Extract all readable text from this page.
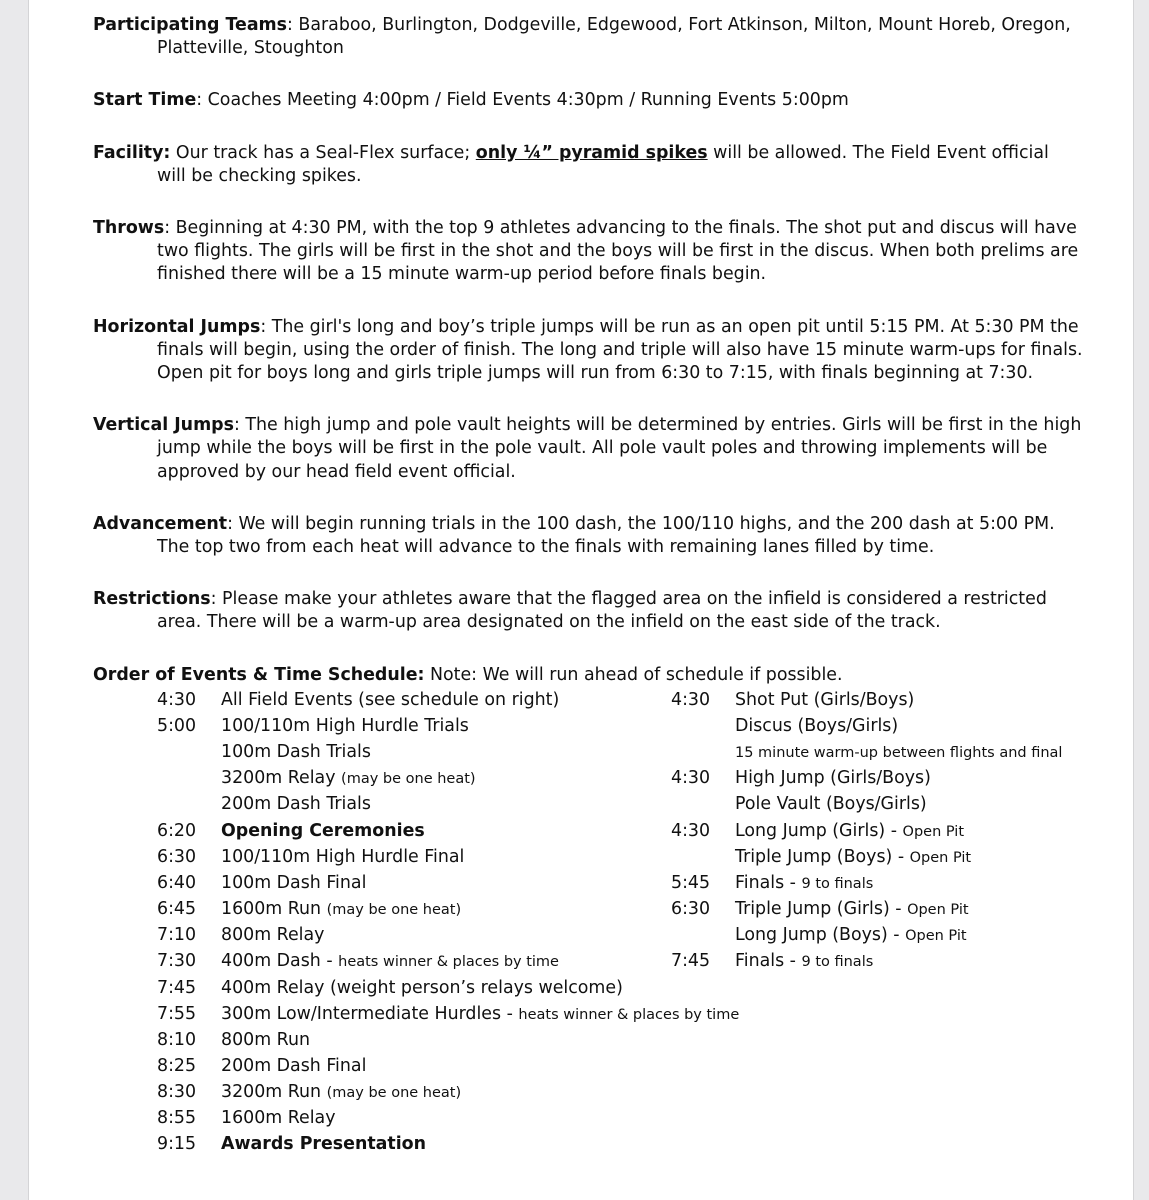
Participating Teams: Baraboo, Burlington, Dodgeville, Edgewood, Fort Atkinson, Milton, Mount Horeb, Oregon, Platteville, Stoughton

Start Time: Coaches Meeting 4:00pm / Field Events 4:30pm / Running Events 5:00pm

Facility: Our track has a Seal-Flex surface; only ¼” pyramid spikes will be allowed. The Field Event official will be checking spikes.

Throws: Beginning at 4:30 PM, with the top 9 athletes advancing to the finals. The shot put and discus will have two flights. The girls will be first in the shot and the boys will be first in the discus. When both prelims are finished there will be a 15 minute warm-up period before finals begin.

Horizontal Jumps: The girl's long and boy’s triple jumps will be run as an open pit until 5:15 PM. At 5:30 PM the finals will begin, using the order of finish. The long and triple will also have 15 minute warm-ups for finals. Open pit for boys long and girls triple jumps will run from 6:30 to 7:15, with finals beginning at 7:30.

Vertical Jumps: The high jump and pole vault heights will be determined by entries. Girls will be first in the high jump while the boys will be first in the pole vault. All pole vault poles and throwing implements will be approved by our head field event official.

Advancement: We will begin running trials in the 100 dash, the 100/110 highs, and the 200 dash at 5:00 PM. The top two from each heat will advance to the finals with remaining lanes filled by time.

Restrictions: Please make your athletes aware that the flagged area on the infield is considered a restricted area. There will be a warm-up area designated on the infield on the east side of the track.

Order of Events & Time Schedule: Note: We will run ahead of schedule if possible.

4:30	All Field Events (see schedule on right)
5:00	100/110m High Hurdle Trials
100m Dash Trials
3200m Relay (may be one heat)
200m Dash Trials
6:20	Opening Ceremonies
6:30	100/110m High Hurdle Final
6:40	100m Dash Final
6:45	1600m Run (may be one heat)
7:10	800m Relay
7:30	400m Dash - heats winner & places by time
7:45	400m Relay (weight person’s relays welcome)
7:55	300m Low/Intermediate Hurdles - heats winner & places by time
8:10	800m Run
8:25	200m Dash Final
8:30	3200m Run (may be one heat)
8:55	1600m Relay
9:15	Awards Presentation
4:30	Shot Put (Girls/Boys)
Discus (Boys/Girls)
15 minute warm-up between flights and final
4:30	High Jump (Girls/Boys)
Pole Vault (Boys/Girls)
4:30	Long Jump (Girls) - Open Pit
Triple Jump (Boys) - Open Pit
5:45	Finals - 9 to finals
6:30	Triple Jump (Girls) - Open Pit
Long Jump (Boys) - Open Pit
7:45	Finals - 9 to finals
